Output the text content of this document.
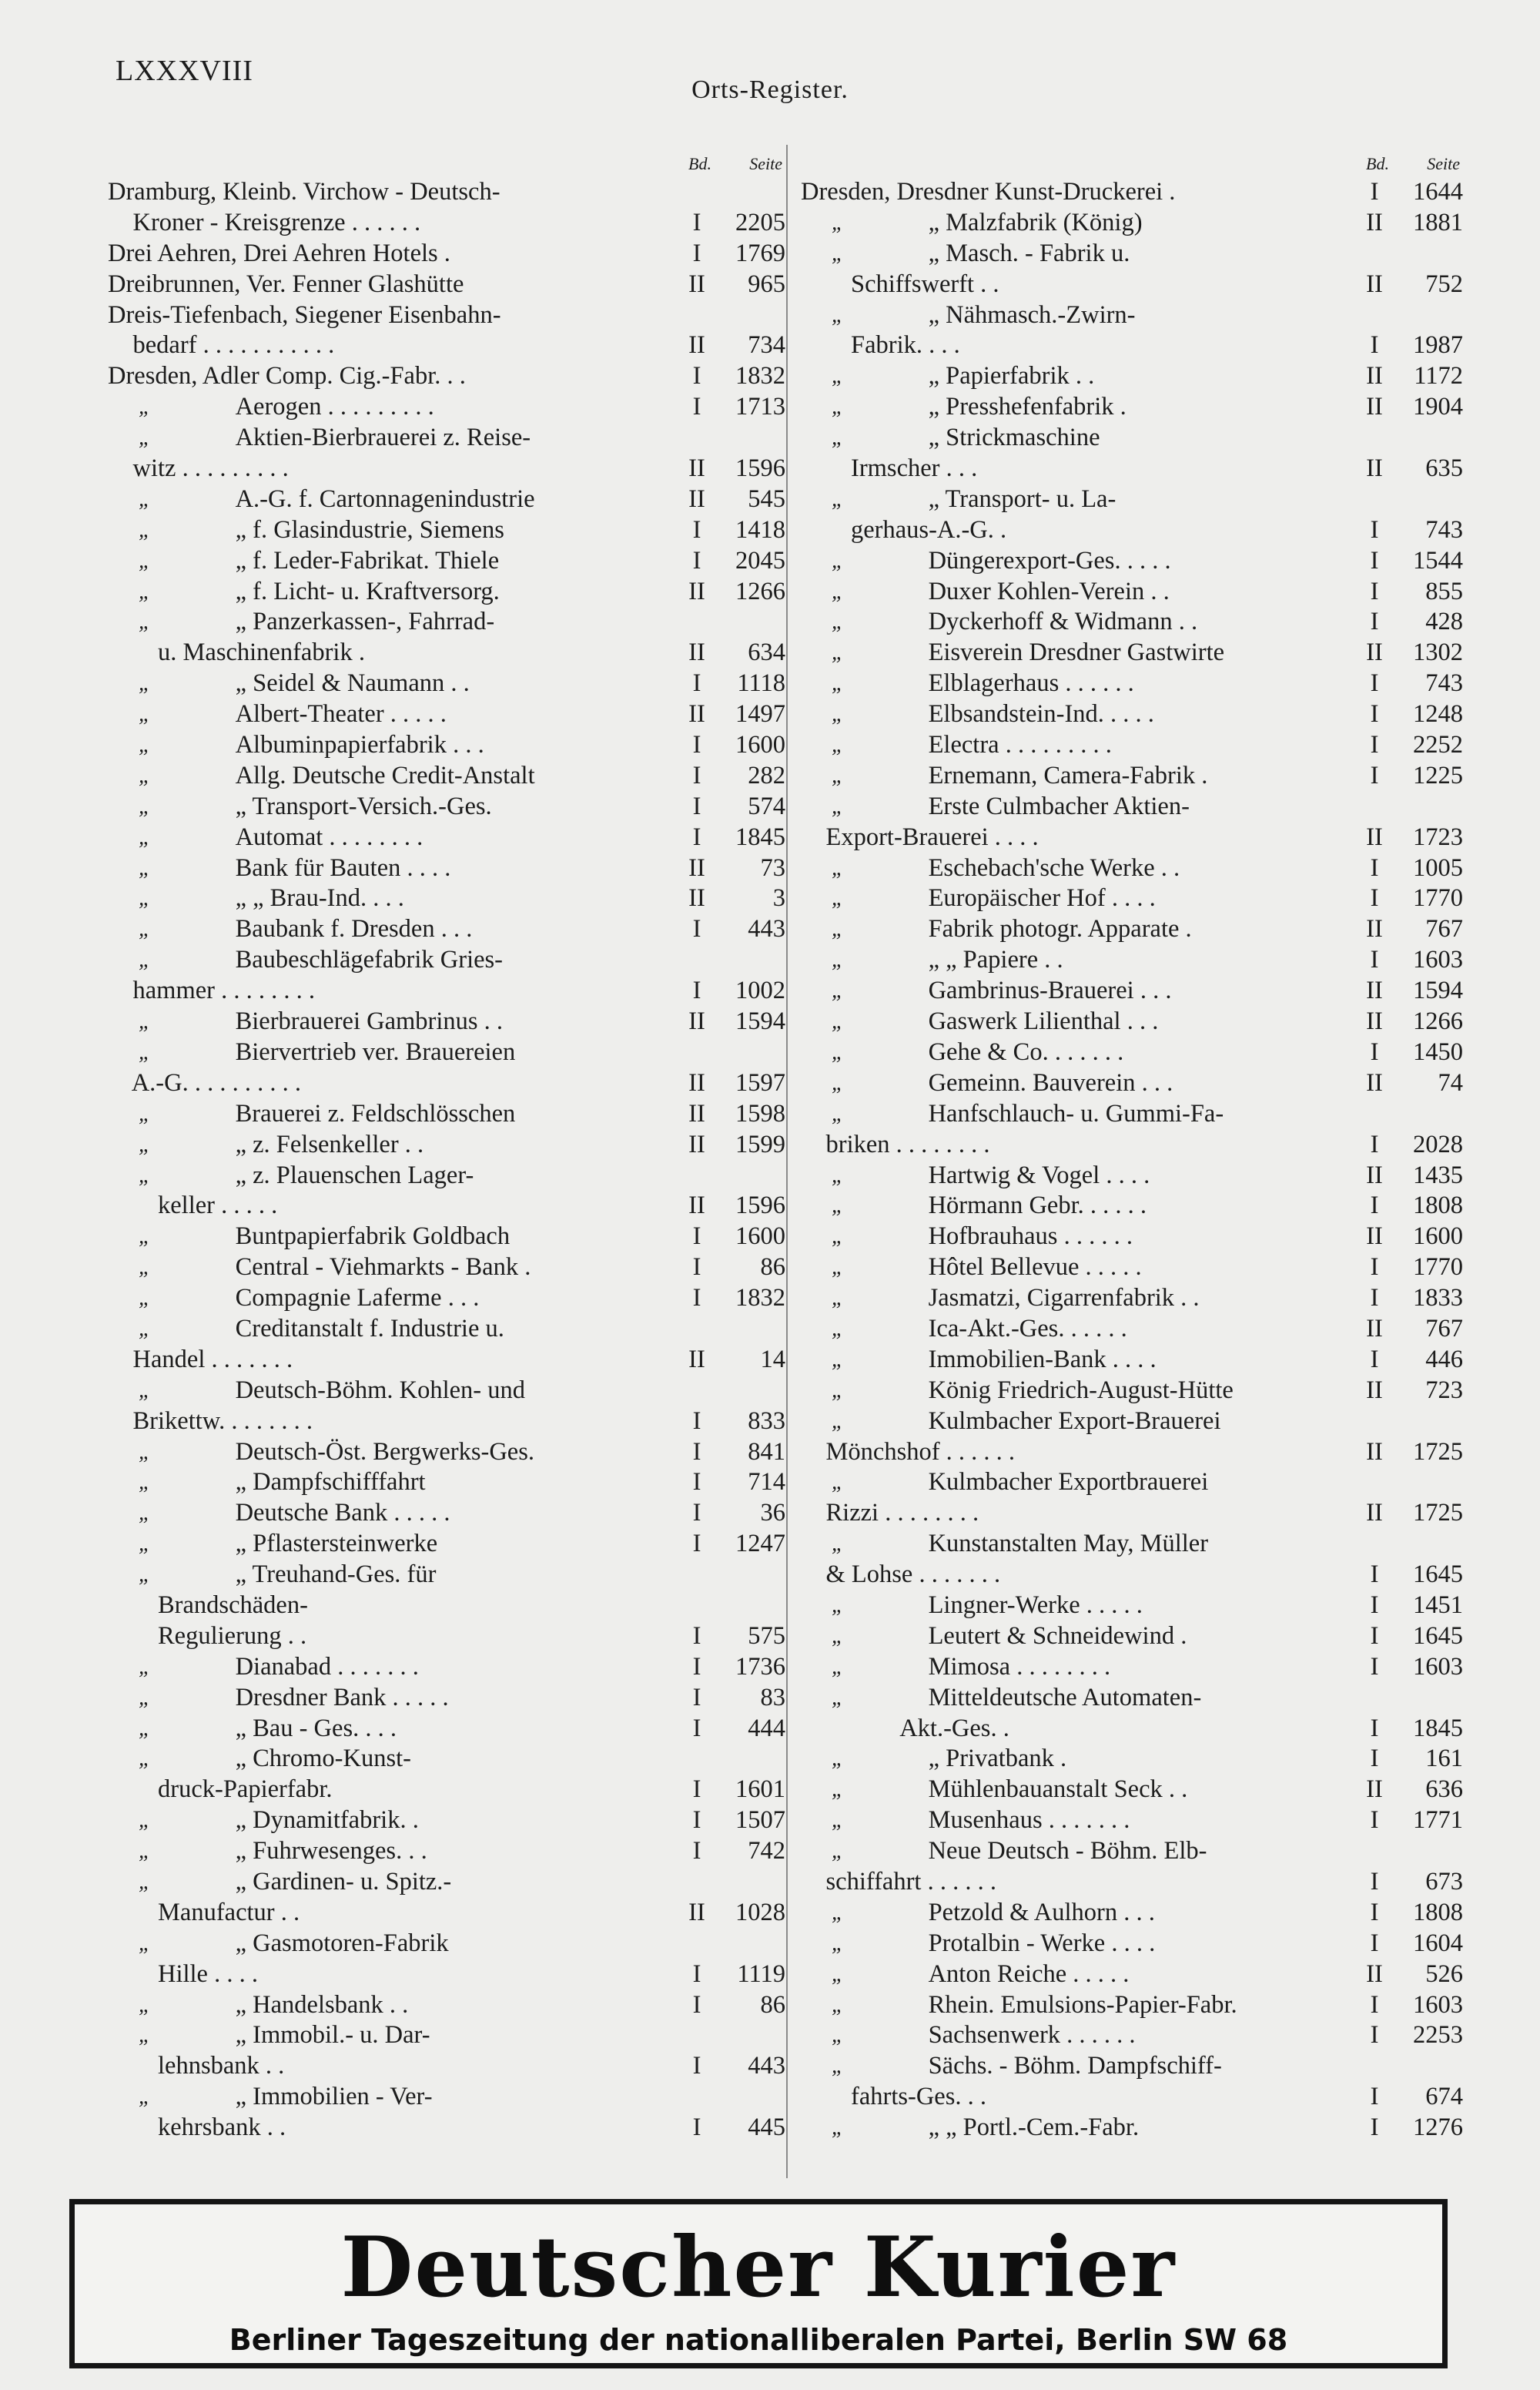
LXXXVIII
Orts-Register.
Bd. Seite
Dramburg, Kleinb. Virchow - Deutsch-
Kroner - Kreisgrenze . . . . . .	I	2205
Drei Aehren, Drei Aehren Hotels .	I	1769
Dreibrunnen, Ver. Fenner Glashütte	II	965
Dreis-Tiefenbach, Siegener Eisenbahn-
bedarf . . . . . . . . . . .	II	734
Dresden, Adler Comp. Cig.-Fabr. . .	I	1832
„	Aerogen . . . . . . . . .	I	1713
„	Aktien-Bierbrauerei z. Reise-
witz . . . . . . . . .	II	1596
„	A.-G. f. Cartonnagenindustrie	II	545
„	„ f. Glasindustrie, Siemens	I	1418
„	„ f. Leder-Fabrikat. Thiele	I	2045
„	„ f. Licht- u. Kraftversorg.	II	1266
„	„ Panzerkassen-, Fahrrad-
u. Maschinenfabrik .	II	634
„	„ Seidel & Naumann . .	I	1118
„	Albert-Theater . . . . .	II	1497
„	Albuminpapierfabrik . . .	I	1600
„	Allg. Deutsche Credit-Anstalt	I	282
„	„ Transport-Versich.-Ges.	I	574
„	Automat . . . . . . . .	I	1845
„	Bank für Bauten . . . .	II	73
„	„ „ Brau-Ind. . . .	II	3
„	Baubank f. Dresden . . .	I	443
„	Baubeschlägefabrik Gries-
hammer . . . . . . . .	I	1002
„	Bierbrauerei Gambrinus . .	II	1594
„	Biervertrieb ver. Brauereien
A.-G. . . . . . . . . .	II	1597
„	Brauerei z. Feldschlösschen	II	1598
„	„ z. Felsenkeller . .	II	1599
„	„ z. Plauenschen Lager-
keller . . . . .	II	1596
„	Buntpapierfabrik Goldbach	I	1600
„	Central - Viehmarkts - Bank .	I	86
„	Compagnie Laferme . . .	I	1832
„	Creditanstalt f. Industrie u.
Handel . . . . . . .	II	14
„	Deutsch-Böhm. Kohlen- und
Brikettw. . . . . . . .	I	833
„	Deutsch-Öst. Bergwerks-Ges.	I	841
„	„ Dampfschifffahrt	I	714
„	Deutsche Bank . . . . .	I	36
„	„ Pflastersteinwerke	I	1247
„	„ Treuhand-Ges. für
Brandschäden-
Regulierung . .	I	575
„	Dianabad . . . . . . .	I	1736
„	Dresdner Bank . . . . .	I	83
„	„ Bau - Ges. . . .	I	444
„	„ Chromo-Kunst-
druck-Papierfabr.	I	1601
„	„ Dynamitfabrik. .	I	1507
„	„ Fuhrwesenges. . .	I	742
„	„ Gardinen- u. Spitz.-
Manufactur . .	II	1028
„	„ Gasmotoren-Fabrik
Hille . . . .	I	1119
„	„ Handelsbank . .	I	86
„	„ Immobil.- u. Dar-
lehnsbank . .	I	443
„	„ Immobilien - Ver-
kehrsbank . .	I	445
Bd. Seite
Dresden, Dresdner Kunst-Druckerei .	I	1644
„	„ Malzfabrik (König)	II	1881
„	„ Masch. - Fabrik u.
Schiffswerft . .	II	752
„	„ Nähmasch.-Zwirn-
Fabrik. . . .	I	1987
„	„ Papierfabrik . .	II	1172
„	„ Presshefenfabrik .	II	1904
„	„ Strickmaschine
Irmscher . . .	II	635
„	„ Transport- u. La-
gerhaus-A.-G. .	I	743
„	Düngerexport-Ges. . . . .	I	1544
„	Duxer Kohlen-Verein . .	I	855
„	Dyckerhoff & Widmann . .	I	428
„	Eisverein Dresdner Gastwirte	II	1302
„	Elblagerhaus . . . . . .	I	743
„	Elbsandstein-Ind. . . . .	I	1248
„	Electra . . . . . . . . .	I	2252
„	Ernemann, Camera-Fabrik .	I	1225
„	Erste Culmbacher Aktien-
Export-Brauerei . . . .	II	1723
„	Eschebach'sche Werke . .	I	1005
„	Europäischer Hof . . . .	I	1770
„	Fabrik photogr. Apparate .	II	767
„	„ „ Papiere . .	I	1603
„	Gambrinus-Brauerei . . .	II	1594
„	Gaswerk Lilienthal . . .	II	1266
„	Gehe & Co. . . . . . .	I	1450
„	Gemeinn. Bauverein . . .	II	74
„	Hanfschlauch- u. Gummi-Fa-
briken . . . . . . . .	I	2028
„	Hartwig & Vogel . . . .	II	1435
„	Hörmann Gebr. . . . . .	I	1808
„	Hofbrauhaus . . . . . .	II	1600
„	Hôtel Bellevue . . . . .	I	1770
„	Jasmatzi, Cigarrenfabrik . .	I	1833
„	Ica-Akt.-Ges. . . . . .	II	767
„	Immobilien-Bank . . . .	I	446
„	König Friedrich-August-Hütte	II	723
„	Kulmbacher Export-Brauerei
Mönchshof . . . . . .	II	1725
„	Kulmbacher Exportbrauerei
Rizzi . . . . . . . .	II	1725
„	Kunstanstalten May, Müller
& Lohse . . . . . . .	I	1645
„	Lingner-Werke . . . . .	I	1451
„	Leutert & Schneidewind .	I	1645
„	Mimosa . . . . . . . .	I	1603
„	Mitteldeutsche Automaten-
Akt.-Ges. .	I	1845
„	„ Privatbank .	I	161
„	Mühlenbauanstalt Seck . .	II	636
„	Musenhaus . . . . . . .	I	1771
„	Neue Deutsch - Böhm. Elb-
schiffahrt . . . . . .	I	673
„	Petzold & Aulhorn . . .	I	1808
„	Protalbin - Werke . . . .	I	1604
„	Anton Reiche . . . . .	II	526
„	Rhein. Emulsions-Papier-Fabr.	I	1603
„	Sachsenwerk . . . . . .	I	2253
„	Sächs. - Böhm. Dampfschiff-
fahrts-Ges. . .	I	674
„	„ „ Portl.-Cem.-Fabr.	I	1276
Deutscher Kurier
Berliner Tageszeitung der nationalliberalen Partei, Berlin SW 68
